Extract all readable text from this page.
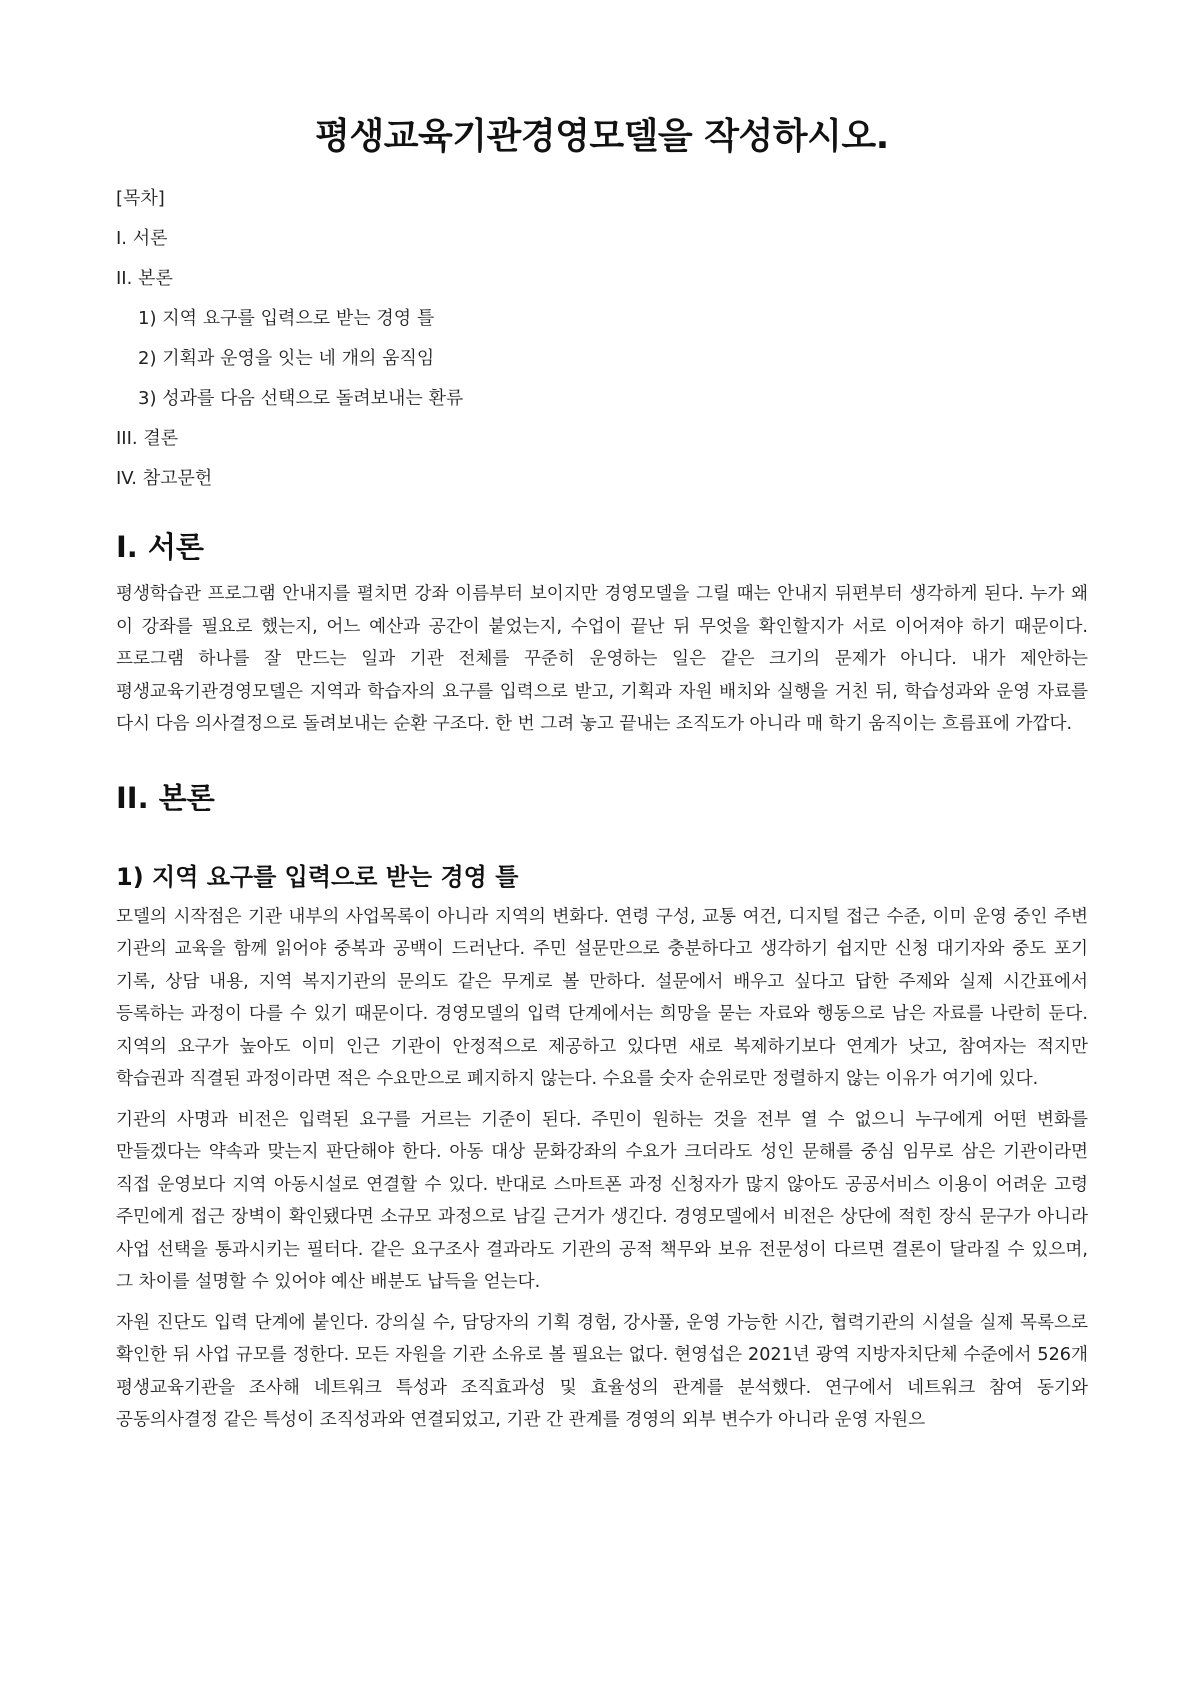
평생교육기관경영모델을 작성하시오.

[목차]

I. 서론

II. 본론

1) 지역 요구를 입력으로 받는 경영 틀

2) 기획과 운영을 잇는 네 개의 움직임

3) 성과를 다음 선택으로 돌려보내는 환류

III. 결론

IV. 참고문헌

I. 서론

평생학습관 프로그램 안내지를 펼치면 강좌 이름부터 보이지만 경영모델을 그릴 때는 안내지 뒤편부터 생각하게 된다. 누가 왜 이 강좌를 필요로 했는지, 어느 예산과 공간이 붙었는지, 수업이 끝난 뒤 무엇을 확인할지가 서로 이어져야 하기 때문이다. 프로그램 하나를 잘 만드는 일과 기관 전체를 꾸준히 운영하는 일은 같은 크기의 문제가 아니다. 내가 제안하는 평생교육기관경영모델은 지역과 학습자의 요구를 입력으로 받고, 기획과 자원 배치와 실행을 거친 뒤, 학습성과와 운영 자료를 다시 다음 의사결정으로 돌려보내는 순환 구조다. 한 번 그려 놓고 끝내는 조직도가 아니라 매 학기 움직이는 흐름표에 가깝다.

II. 본론
1) 지역 요구를 입력으로 받는 경영 틀

모델의 시작점은 기관 내부의 사업목록이 아니라 지역의 변화다. 연령 구성, 교통 여건, 디지털 접근 수준, 이미 운영 중인 주변 기관의 교육을 함께 읽어야 중복과 공백이 드러난다. 주민 설문만으로 충분하다고 생각하기 쉽지만 신청 대기자와 중도 포기 기록, 상담 내용, 지역 복지기관의 문의도 같은 무게로 볼 만하다. 설문에서 배우고 싶다고 답한 주제와 실제 시간표에서 등록하는 과정이 다를 수 있기 때문이다. 경영모델의 입력 단계에서는 희망을 묻는 자료와 행동으로 남은 자료를 나란히 둔다. 지역의 요구가 높아도 이미 인근 기관이 안정적으로 제공하고 있다면 새로 복제하기보다 연계가 낫고, 참여자는 적지만 학습권과 직결된 과정이라면 적은 수요만으로 폐지하지 않는다. 수요를 숫자 순위로만 정렬하지 않는 이유가 여기에 있다.

기관의 사명과 비전은 입력된 요구를 거르는 기준이 된다. 주민이 원하는 것을 전부 열 수 없으니 누구에게 어떤 변화를 만들겠다는 약속과 맞는지 판단해야 한다. 아동 대상 문화강좌의 수요가 크더라도 성인 문해를 중심 임무로 삼은 기관이라면 직접 운영보다 지역 아동시설로 연결할 수 있다. 반대로 스마트폰 과정 신청자가 많지 않아도 공공서비스 이용이 어려운 고령 주민에게 접근 장벽이 확인됐다면 소규모 과정으로 남길 근거가 생긴다. 경영모델에서 비전은 상단에 적힌 장식 문구가 아니라 사업 선택을 통과시키는 필터다. 같은 요구조사 결과라도 기관의 공적 책무와 보유 전문성이 다르면 결론이 달라질 수 있으며, 그 차이를 설명할 수 있어야 예산 배분도 납득을 얻는다.

자원 진단도 입력 단계에 붙인다. 강의실 수, 담당자의 기획 경험, 강사풀, 운영 가능한 시간, 협력기관의 시설을 실제 목록으로 확인한 뒤 사업 규모를 정한다. 모든 자원을 기관 소유로 볼 필요는 없다. 현영섭은 2021년 광역 지방자치단체 수준에서 526개 평생교육기관을 조사해 네트워크 특성과 조직효과성 및 효율성의 관계를 분석했다. 연구에서 네트워크 참여 동기와 공동의사결정 같은 특성이 조직성과와 연결되었고, 기관 간 관계를 경영의 외부 변수가 아니라 운영 자원으
